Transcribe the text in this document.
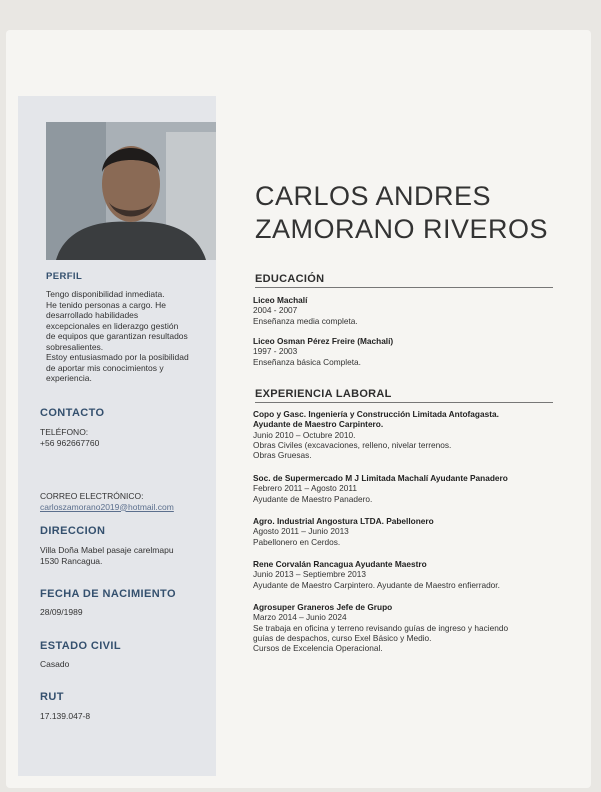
CARLOS ANDRES
ZAMORANO RIVEROS
PERFIL
Tengo disponibilidad inmediata.
He tenido personas a cargo. He
desarrollado habilidades
excepcionales en liderazgo gestión
de equipos que garantizan resultados
sobresalientes.
Estoy entusiasmado por la posibilidad
de aportar mis conocimientos y
experiencia.
CONTACTO
TELÉFONO:
+56 962667760
CORREO ELECTRÓNICO:
carloszamorano2019@hotmail.com
DIRECCION
Villa Doña Mabel pasaje carelmapu
1530 Rancagua.
FECHA DE NACIMIENTO
28/09/1989
ESTADO CIVIL
Casado
RUT
17.139.047-8
EDUCACIÓN
Liceo Machalí
2004 - 2007
Enseñanza media completa.
Liceo Osman Pérez Freire (Machalí)
1997 - 2003
Enseñanza básica Completa.
EXPERIENCIA LABORAL
Copo y Gasc. Ingeniería y Construcción Limitada Antofagasta.
Ayudante de Maestro Carpintero.
Junio 2010 – Octubre 2010.
Obras Civiles (excavaciones, relleno, nivelar terrenos.
Obras Gruesas.
Soc. de Supermercado M J Limitada Machalí Ayudante Panadero
Febrero 2011 – Agosto 2011
Ayudante de Maestro Panadero.
Agro. Industrial Angostura LTDA. Pabellonero
Agosto 2011 – Junio 2013
Pabellonero en Cerdos.
Rene Corvalán Rancagua Ayudante Maestro
Junio 2013 – Septiembre 2013
Ayudante de Maestro Carpintero. Ayudante de Maestro enfierrador.
Agrosuper Graneros Jefe de Grupo
Marzo 2014 – Junio 2024
Se trabaja en oficina y terreno revisando guías de ingreso y haciendo
guías de despachos, curso Exel Básico y Medio.
Cursos de Excelencia Operacional.
